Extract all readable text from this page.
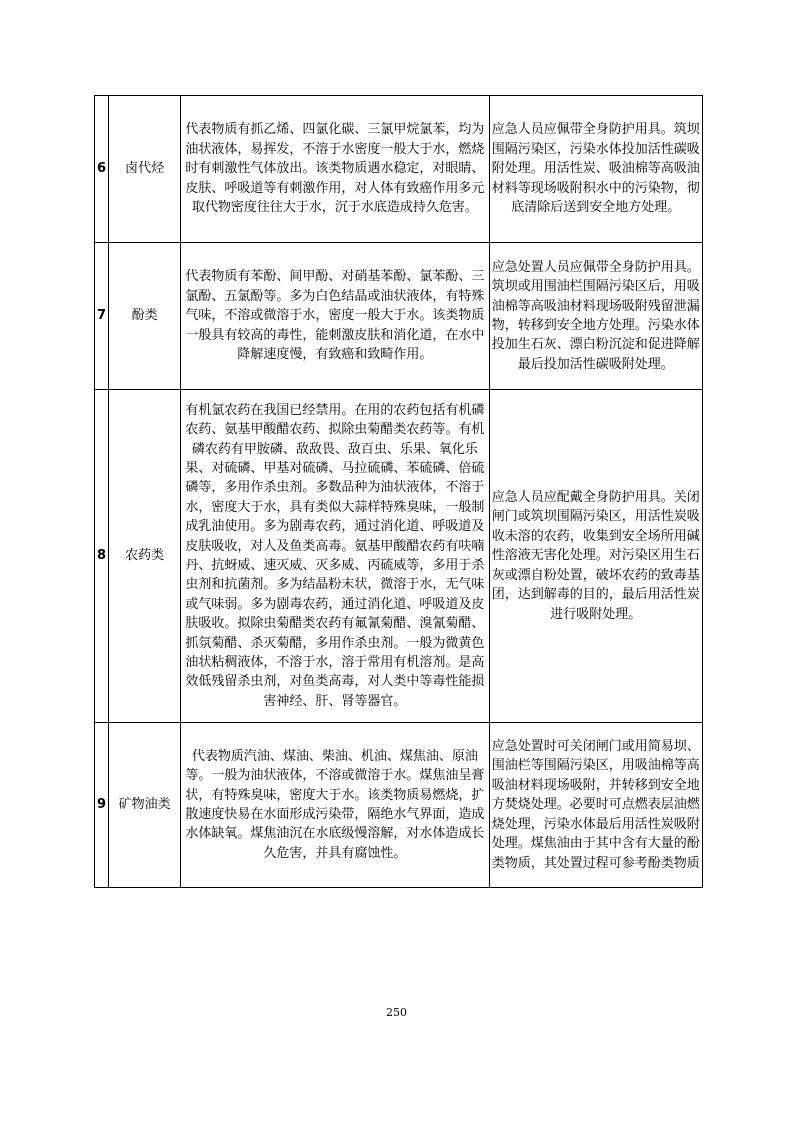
6	卤代烃	代表物质有抓乙烯、四氯化碳、三氯甲烷氯苯，均为油状液体，易挥发，不溶于水密度一般大于水，燃烧时有刺激性气体放出。该类物质遇水稳定，对眼睛、皮肤、呼吸道等有刺激作用，对人体有致癌作用多元取代物密度往往大于水，沉于水底造成持久危害。	应急人员应佩带全身防护用具。筑坝围隔污染区，污染水体投加活性碳吸附处理。用活性炭、吸油棉等高吸油材料等现场吸附积水中的污染物，彻底清除后送到安全地方处理。

7	酚类	代表物质有苯酚、间甲酚、对硝基苯酚、氯苯酚、三氯酚、五氯酚等。多为白色结晶或油状液体，有特殊气味，不溶或微溶于水，密度一般大于水。该类物质一般具有较高的毒性，能刺激皮肤和消化道，在水中降解速度慢，有致癌和致畸作用。	应急处置人员应佩带全身防护用具。筑坝或用围油栏围隔污染区后，用吸油棉等高吸油材料现场吸附残留泄漏物，转移到安全地方处理。污染水体投加生石灰、漂白粉沉淀和促进降解最后投加活性碳吸附处理。

8	农药类	有机氯农药在我国已经禁用。在用的农药包括有机磷农药、氨基甲酸醋农药、拟除虫菊醋类农药等。有机磷农药有甲胺磷、敌敌畏、敌百虫、乐果、氧化乐果、对硫磷、甲基对硫磷、马拉硫磷、苯硫磷、倍硫磷等，多用作杀虫剂。多数品种为油状液体，不溶于水，密度大于水，具有类似大蒜样特殊臭味，一般制成乳油使用。多为剧毒农药，通过消化道、呼吸道及皮肤吸收，对人及鱼类高毒。氨基甲酸醋农药有呋喃丹、抗蚜威、速灭威、灭多威、丙硫威等，多用于杀虫剂和抗菌剂。多为结晶粉末状，微溶于水，无气味或气味弱。多为剧毒农药，通过消化道、呼吸道及皮肤吸收。拟除虫菊醋类农药有氟氰菊醋、溴氰菊醋、抓氛菊醋、杀灭菊醋，多用作杀虫剂。一般为微黄色油状粘稠液体，不溶于水，溶于常用有机溶剂。是高效低残留杀虫剂，对鱼类高毒，对人类中等毒性能损害神经、肝、肾等器官。	应急人员应配戴全身防护用具。关闭闸门或筑坝围隔污染区，用活性炭吸收未溶的农药，收集到安全场所用碱性溶液无害化处理。对污染区用生石灰或漂自粉处置，破坏农药的致毒基团，达到解毒的目的，最后用活性炭进行吸附处理。

9	矿物油类	代表物质汽油、煤油、柴油、机油、煤焦油、原油等。一般为油状液体，不溶或微溶于水。煤焦油呈膏状，有特殊臭味，密度大于水。该类物质易燃烧，扩散速度快易在水面形成污染带，隔绝水气界面，造成水体缺氧。煤焦油沉在水底级慢溶解，对水体造成长久危害，并具有腐蚀性。	应急处置时可关闭闸门或用简易坝、围油栏等围隔污染区，用吸油棉等高吸油材料现场吸附，并转移到安全地方焚烧处理。必要时可点燃表层油燃烧处理，污染水体最后用活性炭吸附处理。煤焦油由于其中含有大量的酚类物质，其处置过程可参考酚类物质
250
